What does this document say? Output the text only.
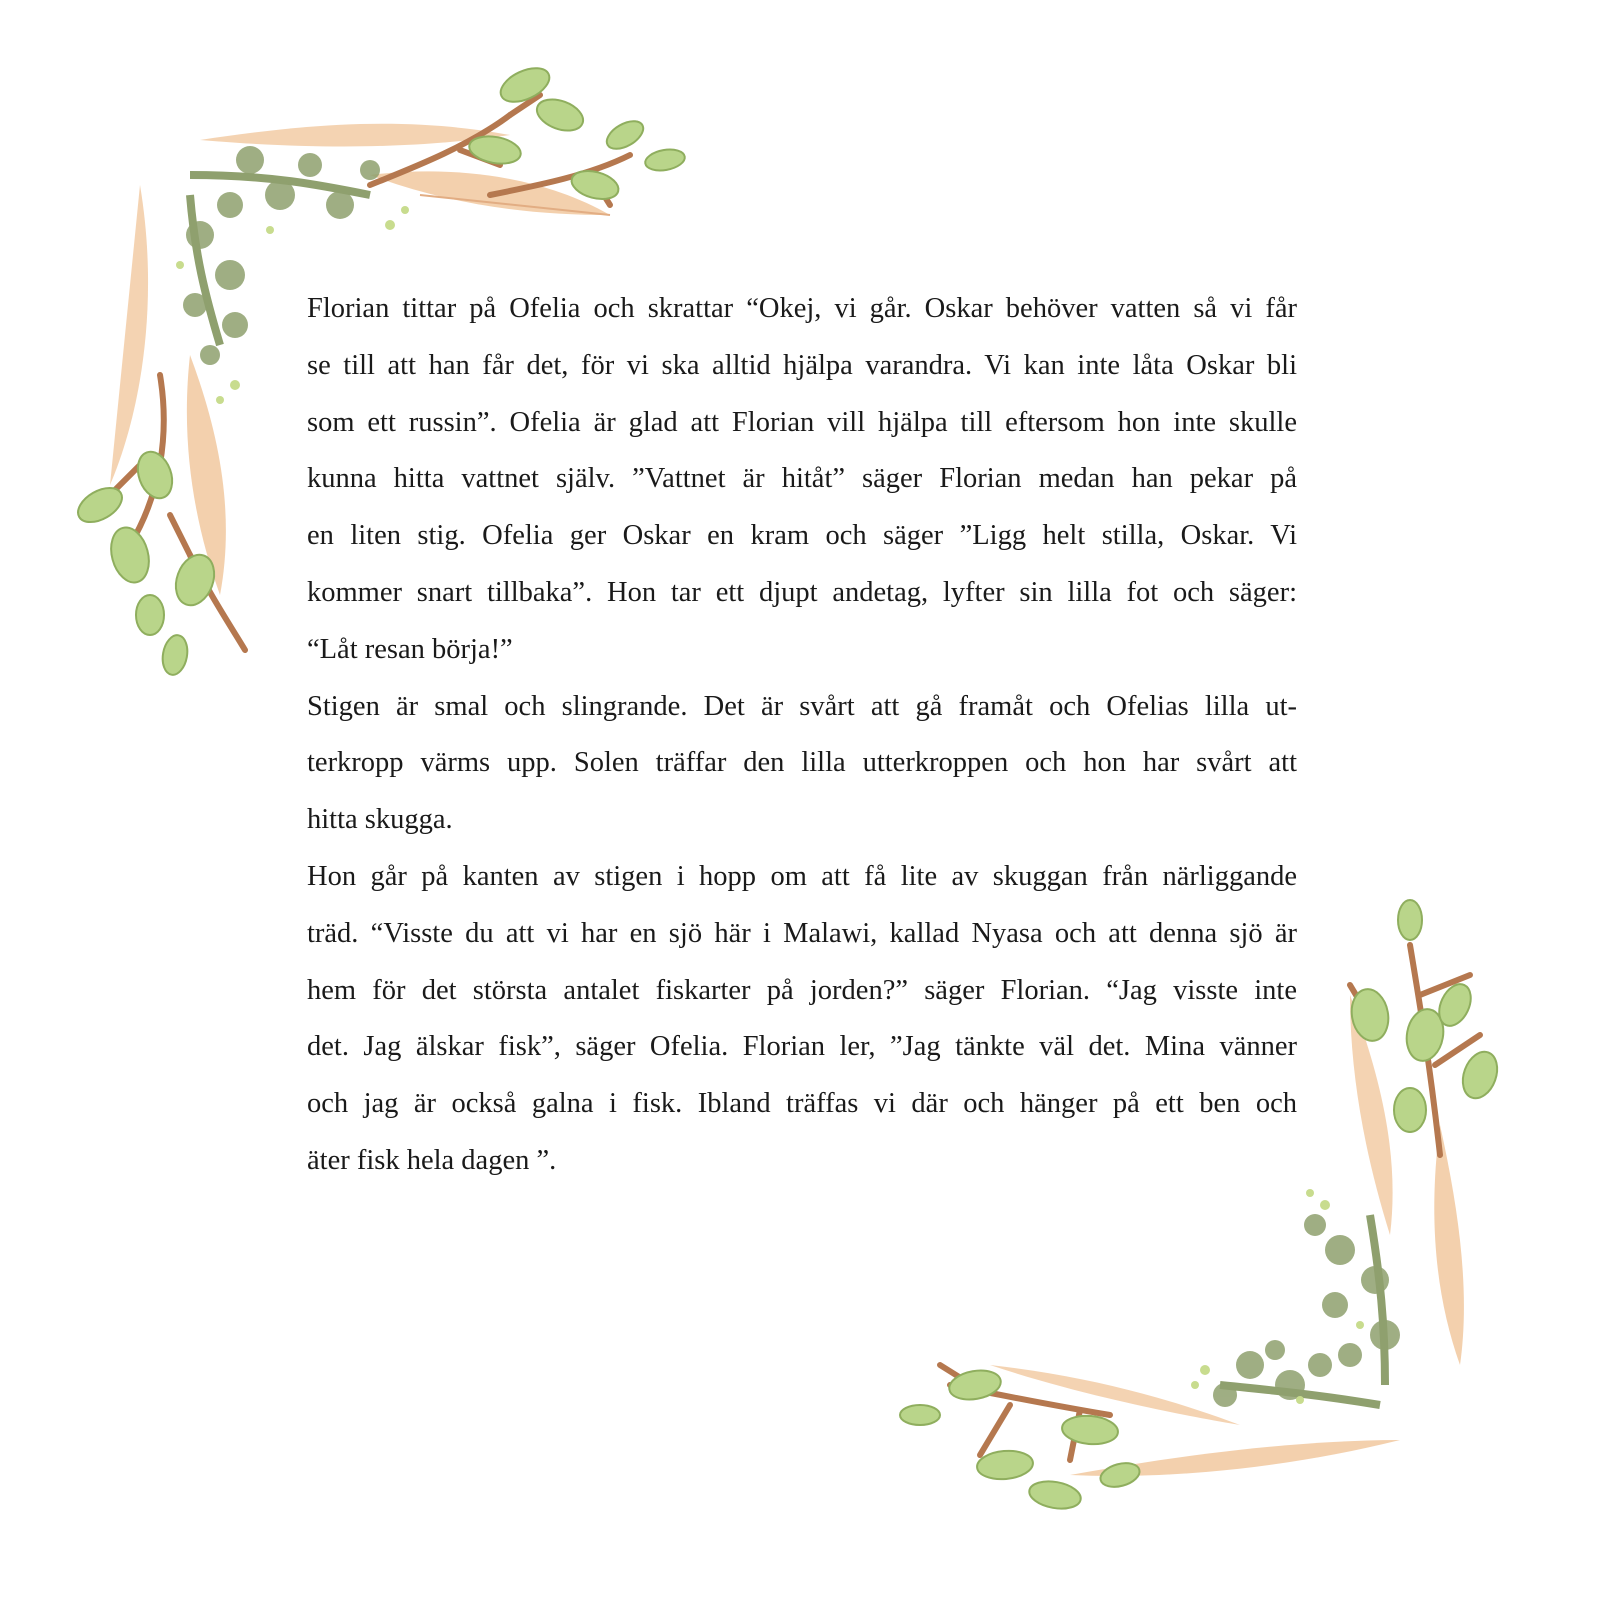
Florian tittar på Ofelia och skrattar “Okej, vi går. Oskar behöver vatten så vi får
se till att han får det, för vi ska alltid hjälpa varandra. Vi kan inte låta Oskar bli
som ett russin”. Ofelia är glad att Florian vill hjälpa till eftersom hon inte skulle
kunna hitta vattnet själv. ”Vattnet är hitåt” säger Florian medan han pekar på
en liten stig. Ofelia ger Oskar en kram och säger ”Ligg helt stilla, Oskar. Vi
kommer snart tillbaka”. Hon tar ett djupt andetag, lyfter sin lilla fot och säger:
“Låt resan börja!”
Stigen är smal och slingrande. Det är svårt att gå framåt och Ofelias lilla ut-
terkropp värms upp. Solen träffar den lilla utterkroppen och hon har svårt att
hitta skugga.
Hon går på kanten av stigen i hopp om att få lite av skuggan från närliggande
träd. “Visste du att vi har en sjö här i Malawi, kallad Nyasa och att denna sjö är
hem för det största antalet fiskarter på jorden?” säger Florian. “Jag visste inte
det. Jag älskar fisk”, säger Ofelia. Florian ler, ”Jag tänkte väl det. Mina vänner
och jag är också galna i fisk. Ibland träffas vi där och hänger på ett ben och
äter fisk hela dagen ”.
